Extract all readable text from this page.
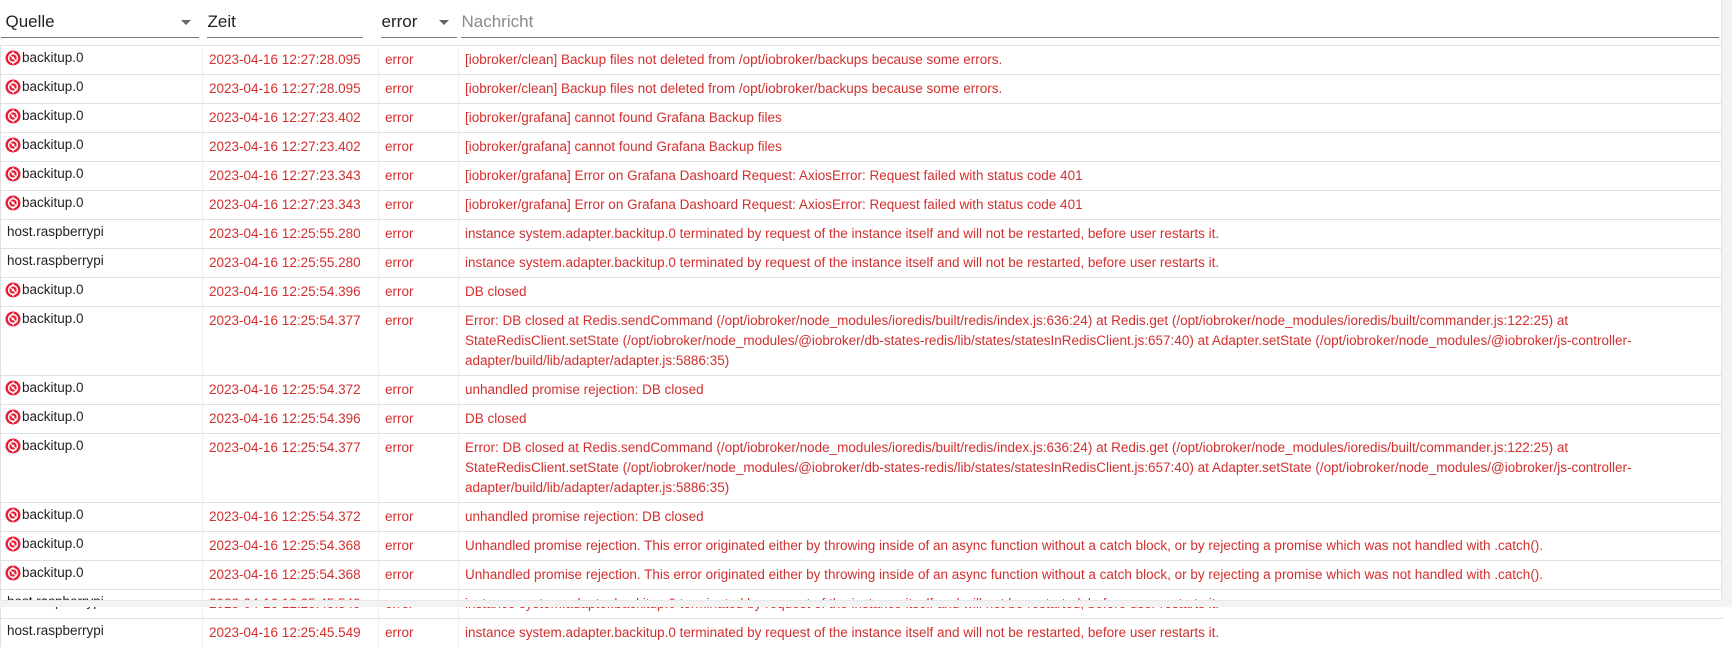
Quelle	Zeit	error	Nachricht

backitup.0	2023-04-16 12:27:28.095	error	[iobroker/clean] Backup files not deleted from /opt/iobroker/backups because some errors.

backitup.0	2023-04-16 12:27:28.095	error	[iobroker/clean] Backup files not deleted from /opt/iobroker/backups because some errors.

backitup.0	2023-04-16 12:27:23.402	error	[iobroker/grafana] cannot found Grafana Backup files

backitup.0	2023-04-16 12:27:23.402	error	[iobroker/grafana] cannot found Grafana Backup files

backitup.0	2023-04-16 12:27:23.343	error	[iobroker/grafana] Error on Grafana Dashoard Request: AxiosError: Request failed with status code 401

backitup.0	2023-04-16 12:27:23.343	error	[iobroker/grafana] Error on Grafana Dashoard Request: AxiosError: Request failed with status code 401

host.raspberrypi	2023-04-16 12:25:55.280	error	instance system.adapter.backitup.0 terminated by request of the instance itself and will not be restarted, before user restarts it.

host.raspberrypi	2023-04-16 12:25:55.280	error	instance system.adapter.backitup.0 terminated by request of the instance itself and will not be restarted, before user restarts it.

backitup.0	2023-04-16 12:25:54.396	error	DB closed

backitup.0	2023-04-16 12:25:54.377	error	Error: DB closed at Redis.sendCommand (/opt/iobroker/node_modules/ioredis/built/redis/index.js:636:24) at Redis.get (/opt/iobroker/node_modules/ioredis/built/commander.js:122:25) at StateRedisClient.setState (/opt/iobroker/node_modules/@iobroker/db-states-redis/lib/states/statesInRedisClient.js:657:40) at Adapter.setState (/opt/iobroker/node_modules/@iobroker/js-controller-adapter/build/lib/adapter/adapter.js:5886:35)

backitup.0	2023-04-16 12:25:54.372	error	unhandled promise rejection: DB closed

backitup.0	2023-04-16 12:25:54.396	error	DB closed

backitup.0	2023-04-16 12:25:54.377	error	Error: DB closed at Redis.sendCommand (/opt/iobroker/node_modules/ioredis/built/redis/index.js:636:24) at Redis.get (/opt/iobroker/node_modules/ioredis/built/commander.js:122:25) at StateRedisClient.setState (/opt/iobroker/node_modules/@iobroker/db-states-redis/lib/states/statesInRedisClient.js:657:40) at Adapter.setState (/opt/iobroker/node_modules/@iobroker/js-controller-adapter/build/lib/adapter/adapter.js:5886:35)

backitup.0	2023-04-16 12:25:54.372	error	unhandled promise rejection: DB closed

backitup.0	2023-04-16 12:25:54.368	error	Unhandled promise rejection. This error originated either by throwing inside of an async function without a catch block, or by rejecting a promise which was not handled with .catch().

backitup.0	2023-04-16 12:25:54.368	error	Unhandled promise rejection. This error originated either by throwing inside of an async function without a catch block, or by rejecting a promise which was not handled with .catch().

host.raspberrypi	2023-04-16 12:25:45.549	error	instance system.adapter.backitup.0 terminated by request of the instance itself and will not be restarted, before user restarts it.
